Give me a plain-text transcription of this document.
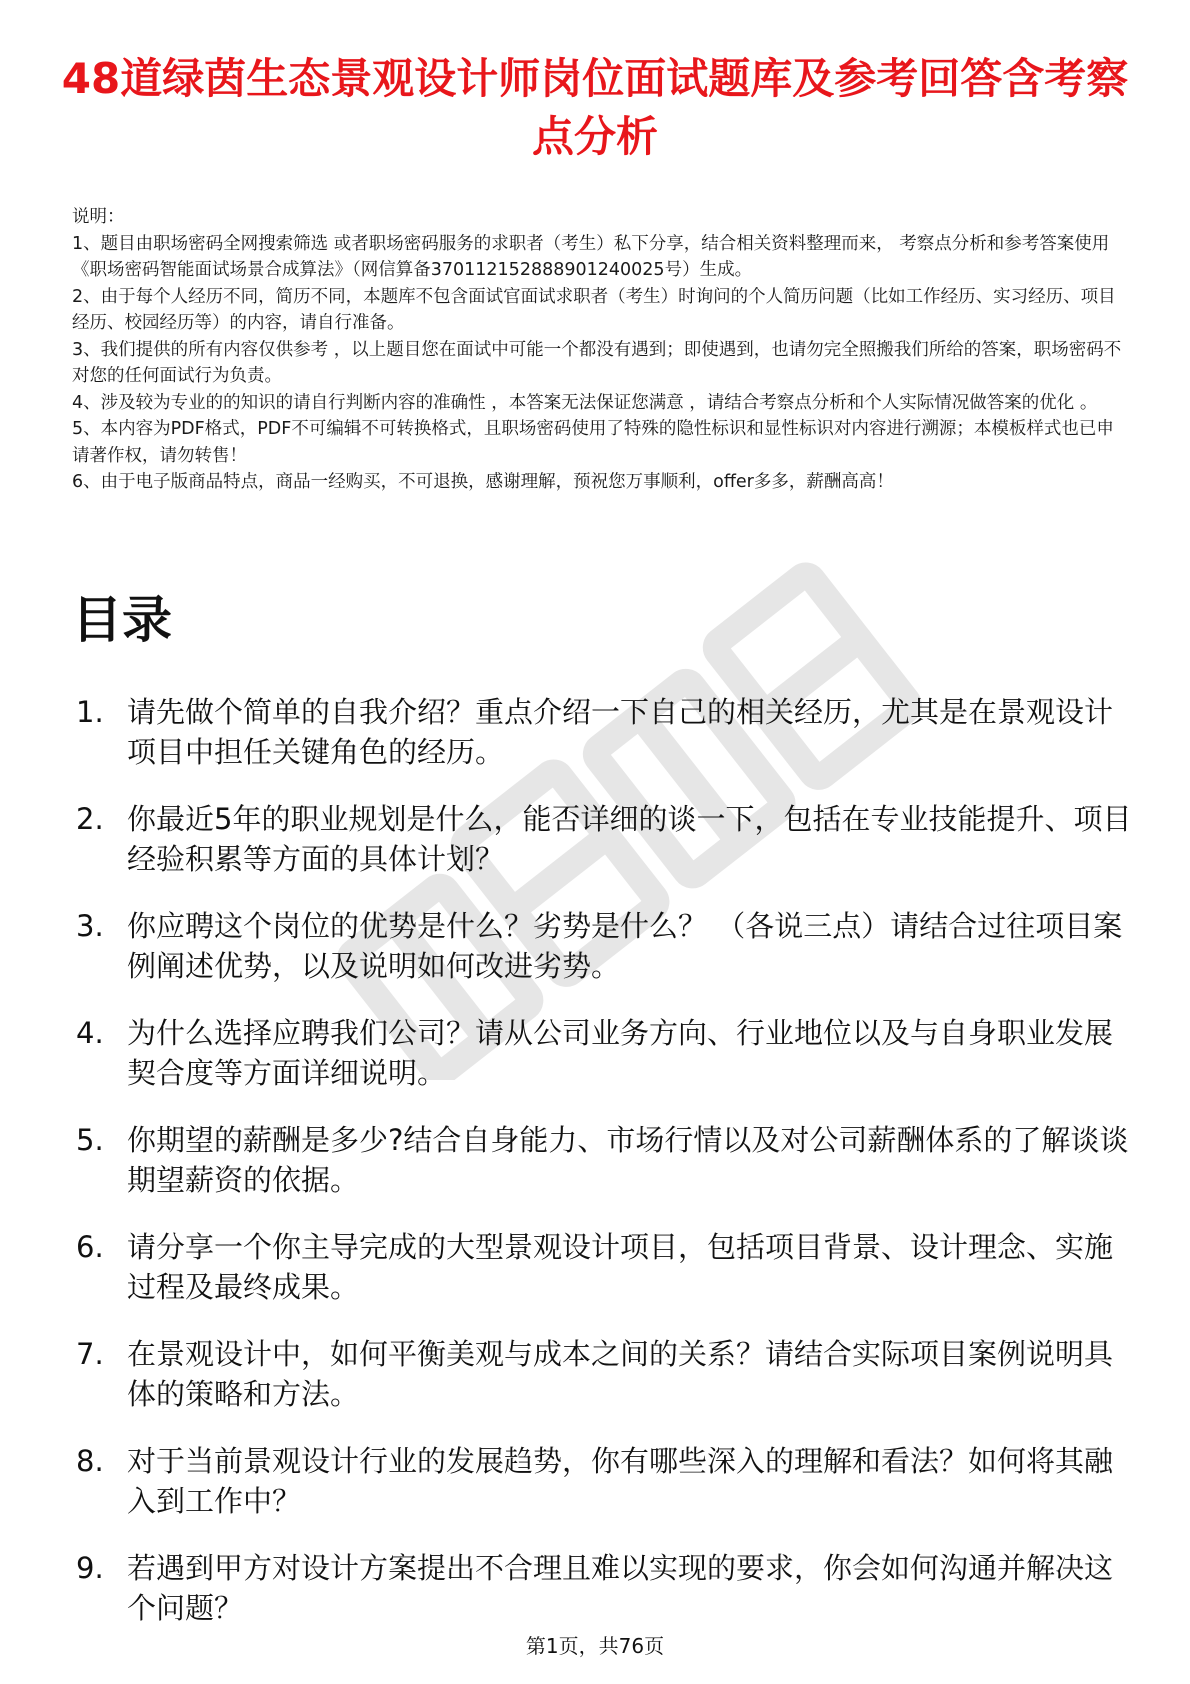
48道绿茵生态景观设计师岗位面试题库及参考回答含考察点分析

说明：

1、题目由职场密码全网搜索筛选 或者职场密码服务的求职者（考生）私下分享，结合相关资料整理而来， 考察点分析和参考答案使用《职场密码智能面试场景合成算法》（网信算备370112152888901240025号）生成。

2、由于每个人经历不同，简历不同，本题库不包含面试官面试求职者（考生）时询问的个人简历问题（比如工作经历、实习经历、项目经历、校园经历等）的内容，请自行准备。

3、我们提供的所有内容仅供参考 ，以上题目您在面试中可能一个都没有遇到；即使遇到，也请勿完全照搬我们所给的答案，职场密码不对您的任何面试行为负责。

4、涉及较为专业的的知识的请自行判断内容的准确性 ，本答案无法保证您满意 ，请结合考察点分析和个人实际情况做答案的优化 。

5、本内容为PDF格式，PDF不可编辑不可转换格式，且职场密码使用了特殊的隐性标识和显性标识对内容进行溯源；本模板样式也已申请著作权，请勿转售！

6、由于电子版商品特点，商品一经购买，不可退换，感谢理解，预祝您万事顺利，offer多多，薪酬高高！

目录
1. 请先做个简单的自我介绍？重点介绍一下自己的相关经历，尤其是在景观设计项目中担任关键角色的经历。
2. 你最近5年的职业规划是什么，能否详细的谈一下，包括在专业技能提升、项目经验积累等方面的具体计划？
3. 你应聘这个岗位的优势是什么？劣势是什么？ （各说三点）请结合过往项目案例阐述优势，以及说明如何改进劣势。
4. 为什么选择应聘我们公司？请从公司业务方向、行业地位以及与自身职业发展契合度等方面详细说明。
5. 你期望的薪酬是多少?结合自身能力、市场行情以及对公司薪酬体系的了解谈谈期望薪资的依据。
6. 请分享一个你主导完成的大型景观设计项目，包括项目背景、设计理念、实施过程及最终成果。
7. 在景观设计中，如何平衡美观与成本之间的关系？请结合实际项目案例说明具体的策略和方法。
8. 对于当前景观设计行业的发展趋势，你有哪些深入的理解和看法？如何将其融入到工作中？
9. 若遇到甲方对设计方案提出不合理且难以实现的要求，你会如何沟通并解决这个问题？
第1页，共76页
